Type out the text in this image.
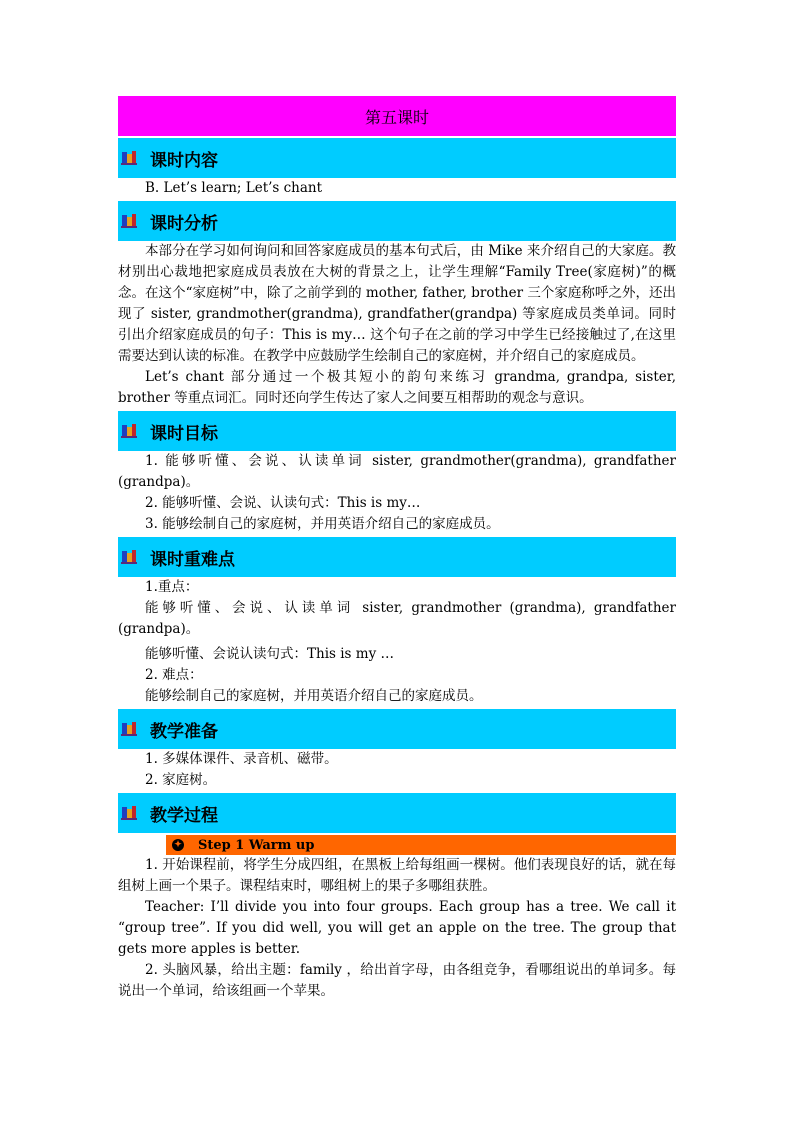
第五课时
课时内容

B. Let’s learn; Let’s chant

课时分析

本部分在学习如何询问和回答家庭成员的基本句式后，由 Mike 来介绍自己的大家庭。教材别出心裁地把家庭成员表放在大树的背景之上，让学生理解“Family Tree(家庭树)”的概念。在这个“家庭树”中，除了之前学到的 mother, father, brother 三个家庭称呼之外，还出现了 sister, grandmother(grandma), grandfather(grandpa) 等家庭成员类单词。同时引出介绍家庭成员的句子：This is my… 这个句子在之前的学习中学生已经接触过了,在这里需要达到认读的标准。在教学中应鼓励学生绘制自己的家庭树，并介绍自己的家庭成员。

Let’s chant 部分通过一个极其短小的韵句来练习 grandma, grandpa, sister, brother 等重点词汇。同时还向学生传达了家人之间要互相帮助的观念与意识。

课时目标

1. 能够听懂、会说、认读单词 sister, grandmother(grandma), grandfather (grandpa)。

2. 能够听懂、会说、认读句式：This is my…

3. 能够绘制自己的家庭树，并用英语介绍自己的家庭成员。

课时重难点

1.重点：

能够听懂、会说、认读单词 sister, grandmother (grandma), grandfather (grandpa)。

能够听懂、会说认读句式：This is my …

2. 难点：

能够绘制自己的家庭树，并用英语介绍自己的家庭成员。

教学准备

1. 多媒体课件、录音机、磁带。

2. 家庭树。

教学过程
✦ Step 1 Warm up

1. 开始课程前，将学生分成四组，在黑板上给每组画一棵树。他们表现良好的话，就在每组树上画一个果子。课程结束时，哪组树上的果子多哪组获胜。

Teacher: I’ll divide you into four groups. Each group has a tree. We call it “group tree”. If you did well, you will get an apple on the tree. The group that gets more apples is better.

2. 头脑风暴，给出主题：family ，给出首字母，由各组竞争，看哪组说出的单词多。每说出一个单词，给该组画一个苹果。
